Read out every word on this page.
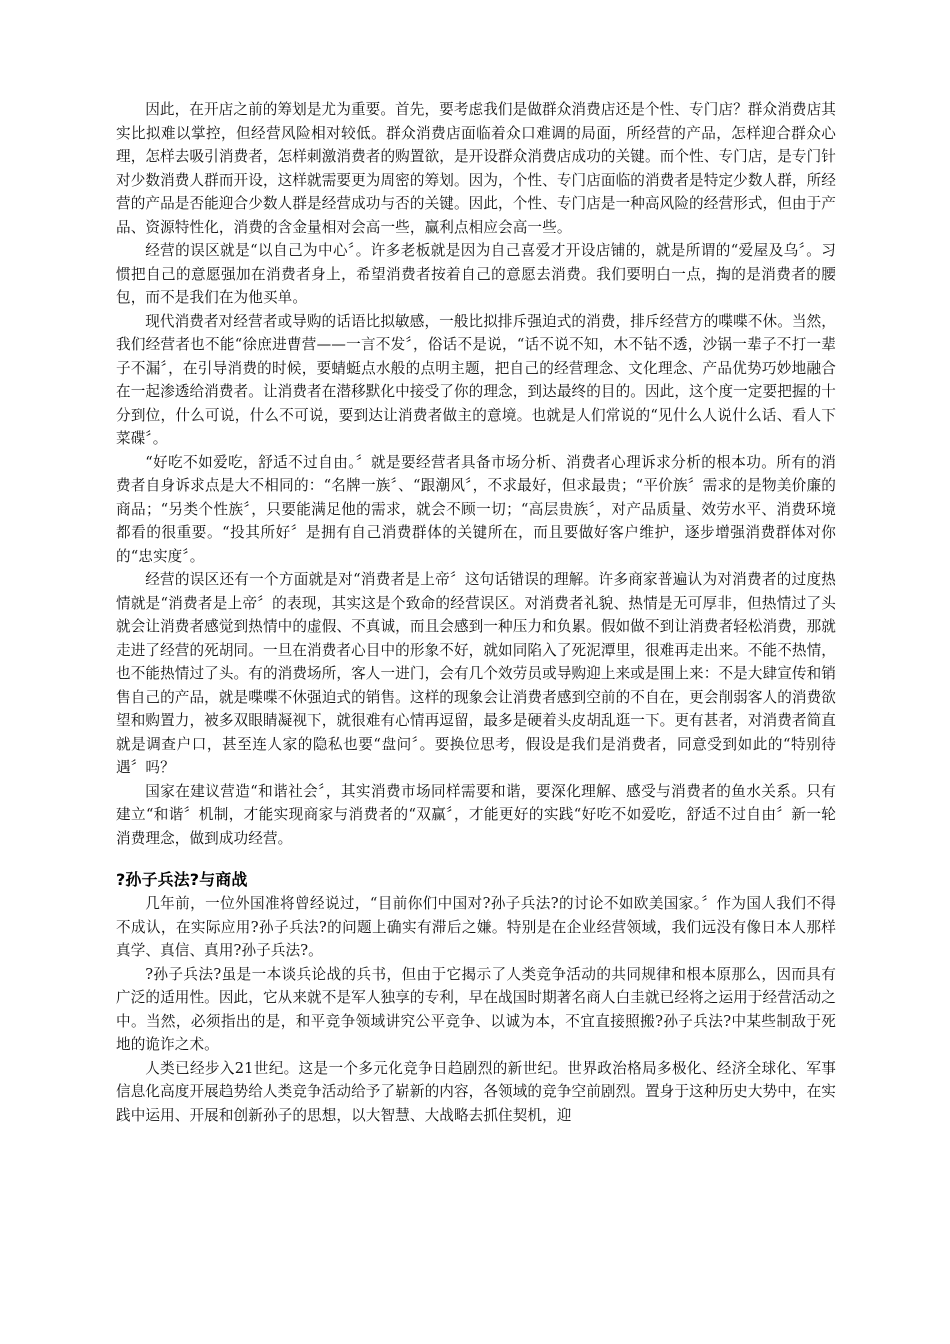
因此，在开店之前的筹划是尤为重要。首先，要考虑我们是做群众消费店还是个性、专门店？群众消费店其实比拟难以掌控，但经营风险相对较低。群众消费店面临着众口难调的局面，所经营的产品，怎样迎合群众心理，怎样去吸引消费者，怎样刺激消费者的购置欲，是开设群众消费店成功的关键。而个性、专门店，是专门针对少数消费人群而开设，这样就需要更为周密的筹划。因为，个性、专门店面临的消费者是特定少数人群，所经营的产品是否能迎合少数人群是经营成功与否的关键。因此，个性、专门店是一种高风险的经营形式，但由于产品、资源特性化，消费的含金量相对会高一些，赢利点相应会高一些。

经营的误区就是“以自己为中心〞。许多老板就是因为自己喜爱才开设店铺的，就是所谓的“爱屋及乌〞。习惯把自己的意愿强加在消费者身上，希望消费者按着自己的意愿去消费。我们要明白一点，掏的是消费者的腰包，而不是我们在为他买单。

现代消费者对经营者或导购的话语比拟敏感，一般比拟排斥强迫式的消费，排斥经营方的喋喋不休。当然，我们经营者也不能“徐庶进曹营——一言不发〞，俗话不是说，“话不说不知，木不钻不透，沙锅一辈子不打一辈子不漏〞，在引导消费的时候，要蜻蜓点水般的点明主题，把自己的经营理念、文化理念、产品优势巧妙地融合在一起渗透给消费者。让消费者在潜移默化中接受了你的理念，到达最终的目的。因此，这个度一定要把握的十分到位，什么可说，什么不可说，要到达让消费者做主的意境。也就是人们常说的“见什么人说什么话、看人下菜碟〞。

“好吃不如爱吃，舒适不过自由。〞就是要经营者具备市场分析、消费者心理诉求分析的根本功。所有的消费者自身诉求点是大不相同的：“名牌一族〞、“跟潮风〞，不求最好，但求最贵；“平价族〞需求的是物美价廉的商品；“另类个性族〞，只要能满足他的需求，就会不顾一切；“高层贵族〞，对产品质量、效劳水平、消费环境都看的很重要。“投其所好〞是拥有自己消费群体的关键所在，而且要做好客户维护，逐步增强消费群体对你的“忠实度〞。

经营的误区还有一个方面就是对“消费者是上帝〞这句话错误的理解。许多商家普遍认为对消费者的过度热情就是“消费者是上帝〞的表现，其实这是个致命的经营误区。对消费者礼貌、热情是无可厚非，但热情过了头就会让消费者感觉到热情中的虚假、不真诚，而且会感到一种压力和负累。假如做不到让消费者轻松消费，那就走进了经营的死胡同。一旦在消费者心目中的形象不好，就如同陷入了死泥潭里，很难再走出来。不能不热情，也不能热情过了头。有的消费场所，客人一进门，会有几个效劳员或导购迎上来或是围上来：不是大肆宣传和销售自己的产品，就是喋喋不休强迫式的销售。这样的现象会让消费者感到空前的不自在，更会削弱客人的消费欲望和购置力，被多双眼睛凝视下，就很难有心情再逗留，最多是硬着头皮胡乱逛一下。更有甚者，对消费者简直就是调查户口，甚至连人家的隐私也要“盘问〞。要换位思考，假设是我们是消费者，同意受到如此的“特别待遇〞吗？

国家在建议营造“和谐社会〞，其实消费市场同样需要和谐，要深化理解、感受与消费者的鱼水关系。只有建立“和谐〞机制，才能实现商家与消费者的“双赢〞，才能更好的实践“好吃不如爱吃，舒适不过自由〞新一轮消费理念，做到成功经营。

?孙子兵法?与商战

几年前，一位外国准将曾经说过，“目前你们中国对?孙子兵法?的讨论不如欧美国家。〞作为国人我们不得不成认，在实际应用?孙子兵法?的问题上确实有滞后之嫌。特别是在企业经营领域，我们远没有像日本人那样真学、真信、真用?孙子兵法?。

?孙子兵法?虽是一本谈兵论战的兵书，但由于它揭示了人类竞争活动的共同规律和根本原那么，因而具有广泛的适用性。因此，它从来就不是军人独享的专利，早在战国时期著名商人白圭就已经将之运用于经营活动之中。当然，必须指出的是，和平竞争领域讲究公平竞争、以诚为本，不宜直接照搬?孙子兵法?中某些制敌于死地的诡诈之术。

人类已经步入21世纪。这是一个多元化竞争日趋剧烈的新世纪。世界政治格局多极化、经济全球化、军事信息化高度开展趋势给人类竞争活动给予了崭新的内容，各领域的竞争空前剧烈。置身于这种历史大势中，在实践中运用、开展和创新孙子的思想，以大智慧、大战略去抓住契机，迎
